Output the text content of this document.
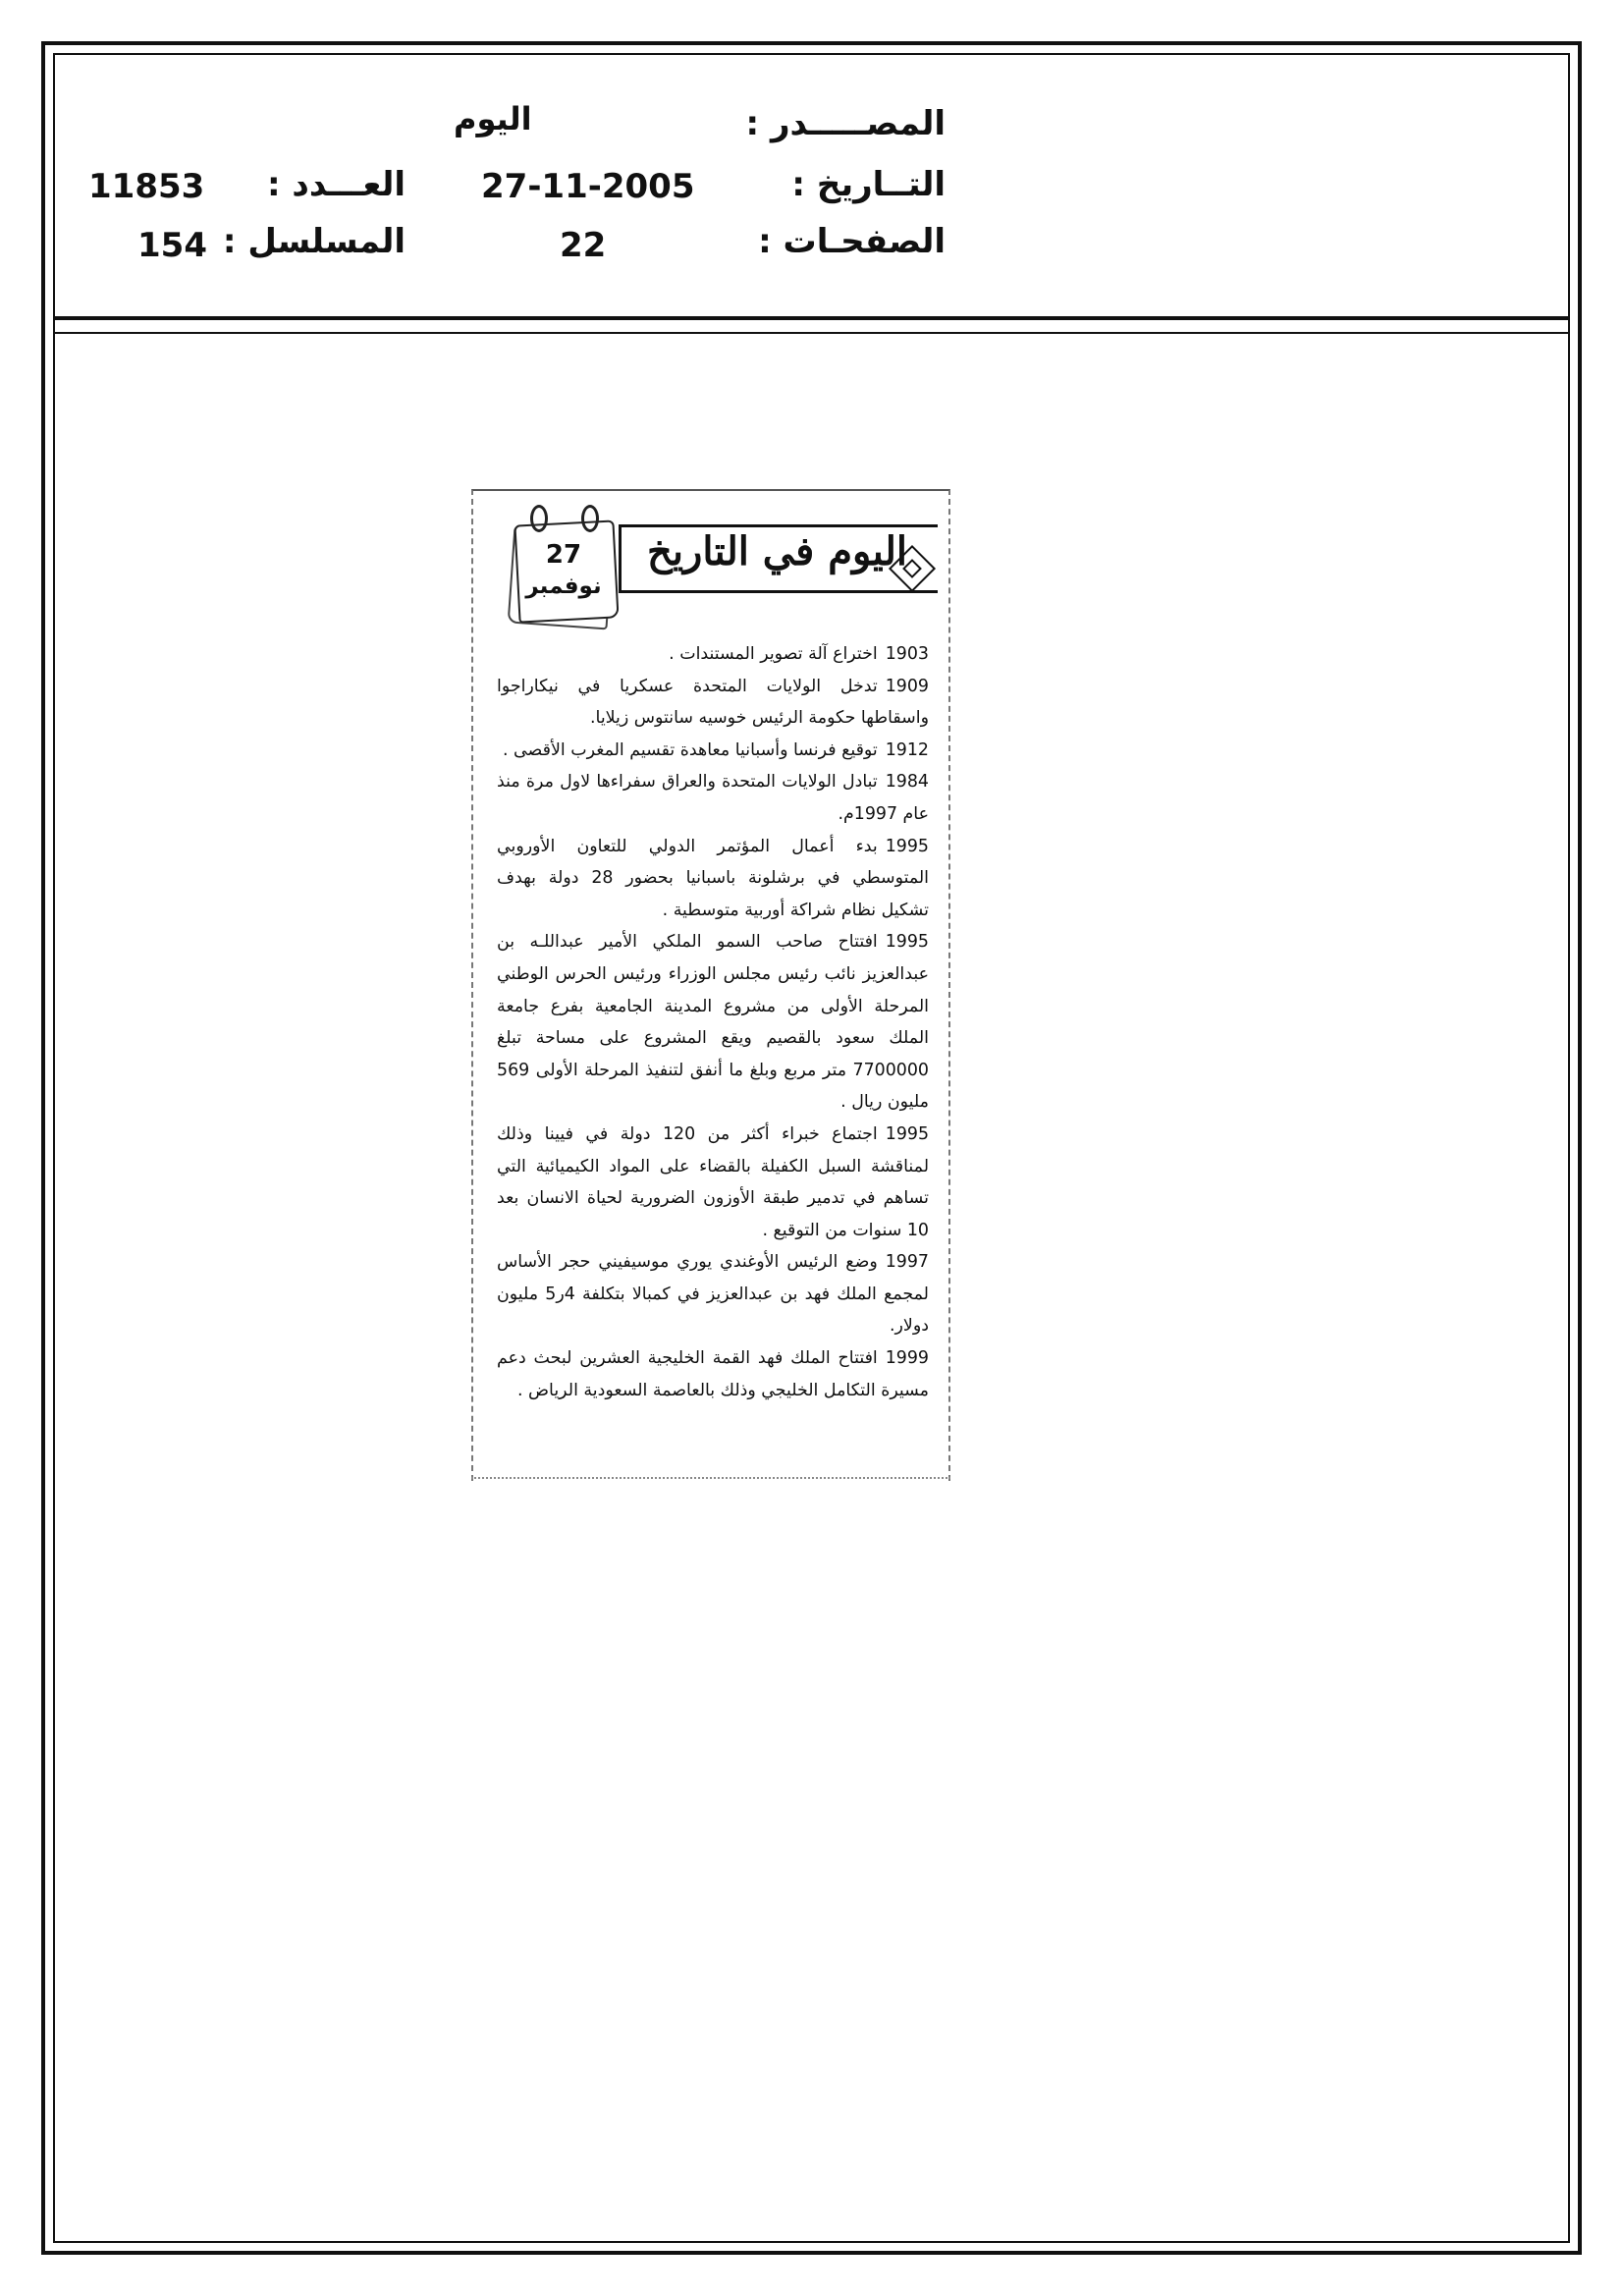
المصـــــدر :
اليوم
التــاريخ :
27-11-2005
العـــدد :
11853
الصفحـات :
22
المسلسل :
154
اليوم في التاريخ
27
نوفمبر

1903اختراع آلة تصوير المستندات .

1909تدخل الولايات المتحدة عسكريا في نيكاراجوا واسقاطها حكومة الرئيس خوسيه سانتوس زيلايا.

1912توقيع فرنسا وأسبانيا معاهدة تقسيم المغرب الأقصى .

1984تبادل الولايات المتحدة والعراق سفراءها لاول مرة منذ عام 1997م.

1995بدء أعمال المؤتمر الدولي للتعاون الأوروبي المتوسطي في برشلونة باسبانيا بحضور 28 دولة بهدف تشكيل نظام شراكة أوربية متوسطية .

1995افتتاح صاحب السمو الملكي الأمير عبداللـه بن عبدالعزيز نائب رئيس مجلس الوزراء ورئيس الحرس الوطني المرحلة الأولى من مشروع المدينة الجامعية بفرع جامعة الملك سعود بالقصيم ويقع المشروع على مساحة تبلغ 7700000 متر مربع وبلغ ما أنفق لتنفيذ المرحلة الأولى 569 مليون ريال .

1995اجتماع خبراء أكثر من 120 دولة في فيينا وذلك لمناقشة السبل الكفيلة بالقضاء على المواد الكيميائية التي تساهم في تدمير طبقة الأوزون الضرورية لحياة الانسان بعد 10 سنوات من التوقيع .

1997وضع الرئيس الأوغندي يوري موسيفيني حجر الأساس لمجمع الملك فهد بن عبدالعزيز في كمبالا بتكلفة 4ر5 مليون دولار.

1999افتتاح الملك فهد القمة الخليجية العشرين لبحث دعم مسيرة التكامل الخليجي وذلك بالعاصمة السعودية الرياض .
